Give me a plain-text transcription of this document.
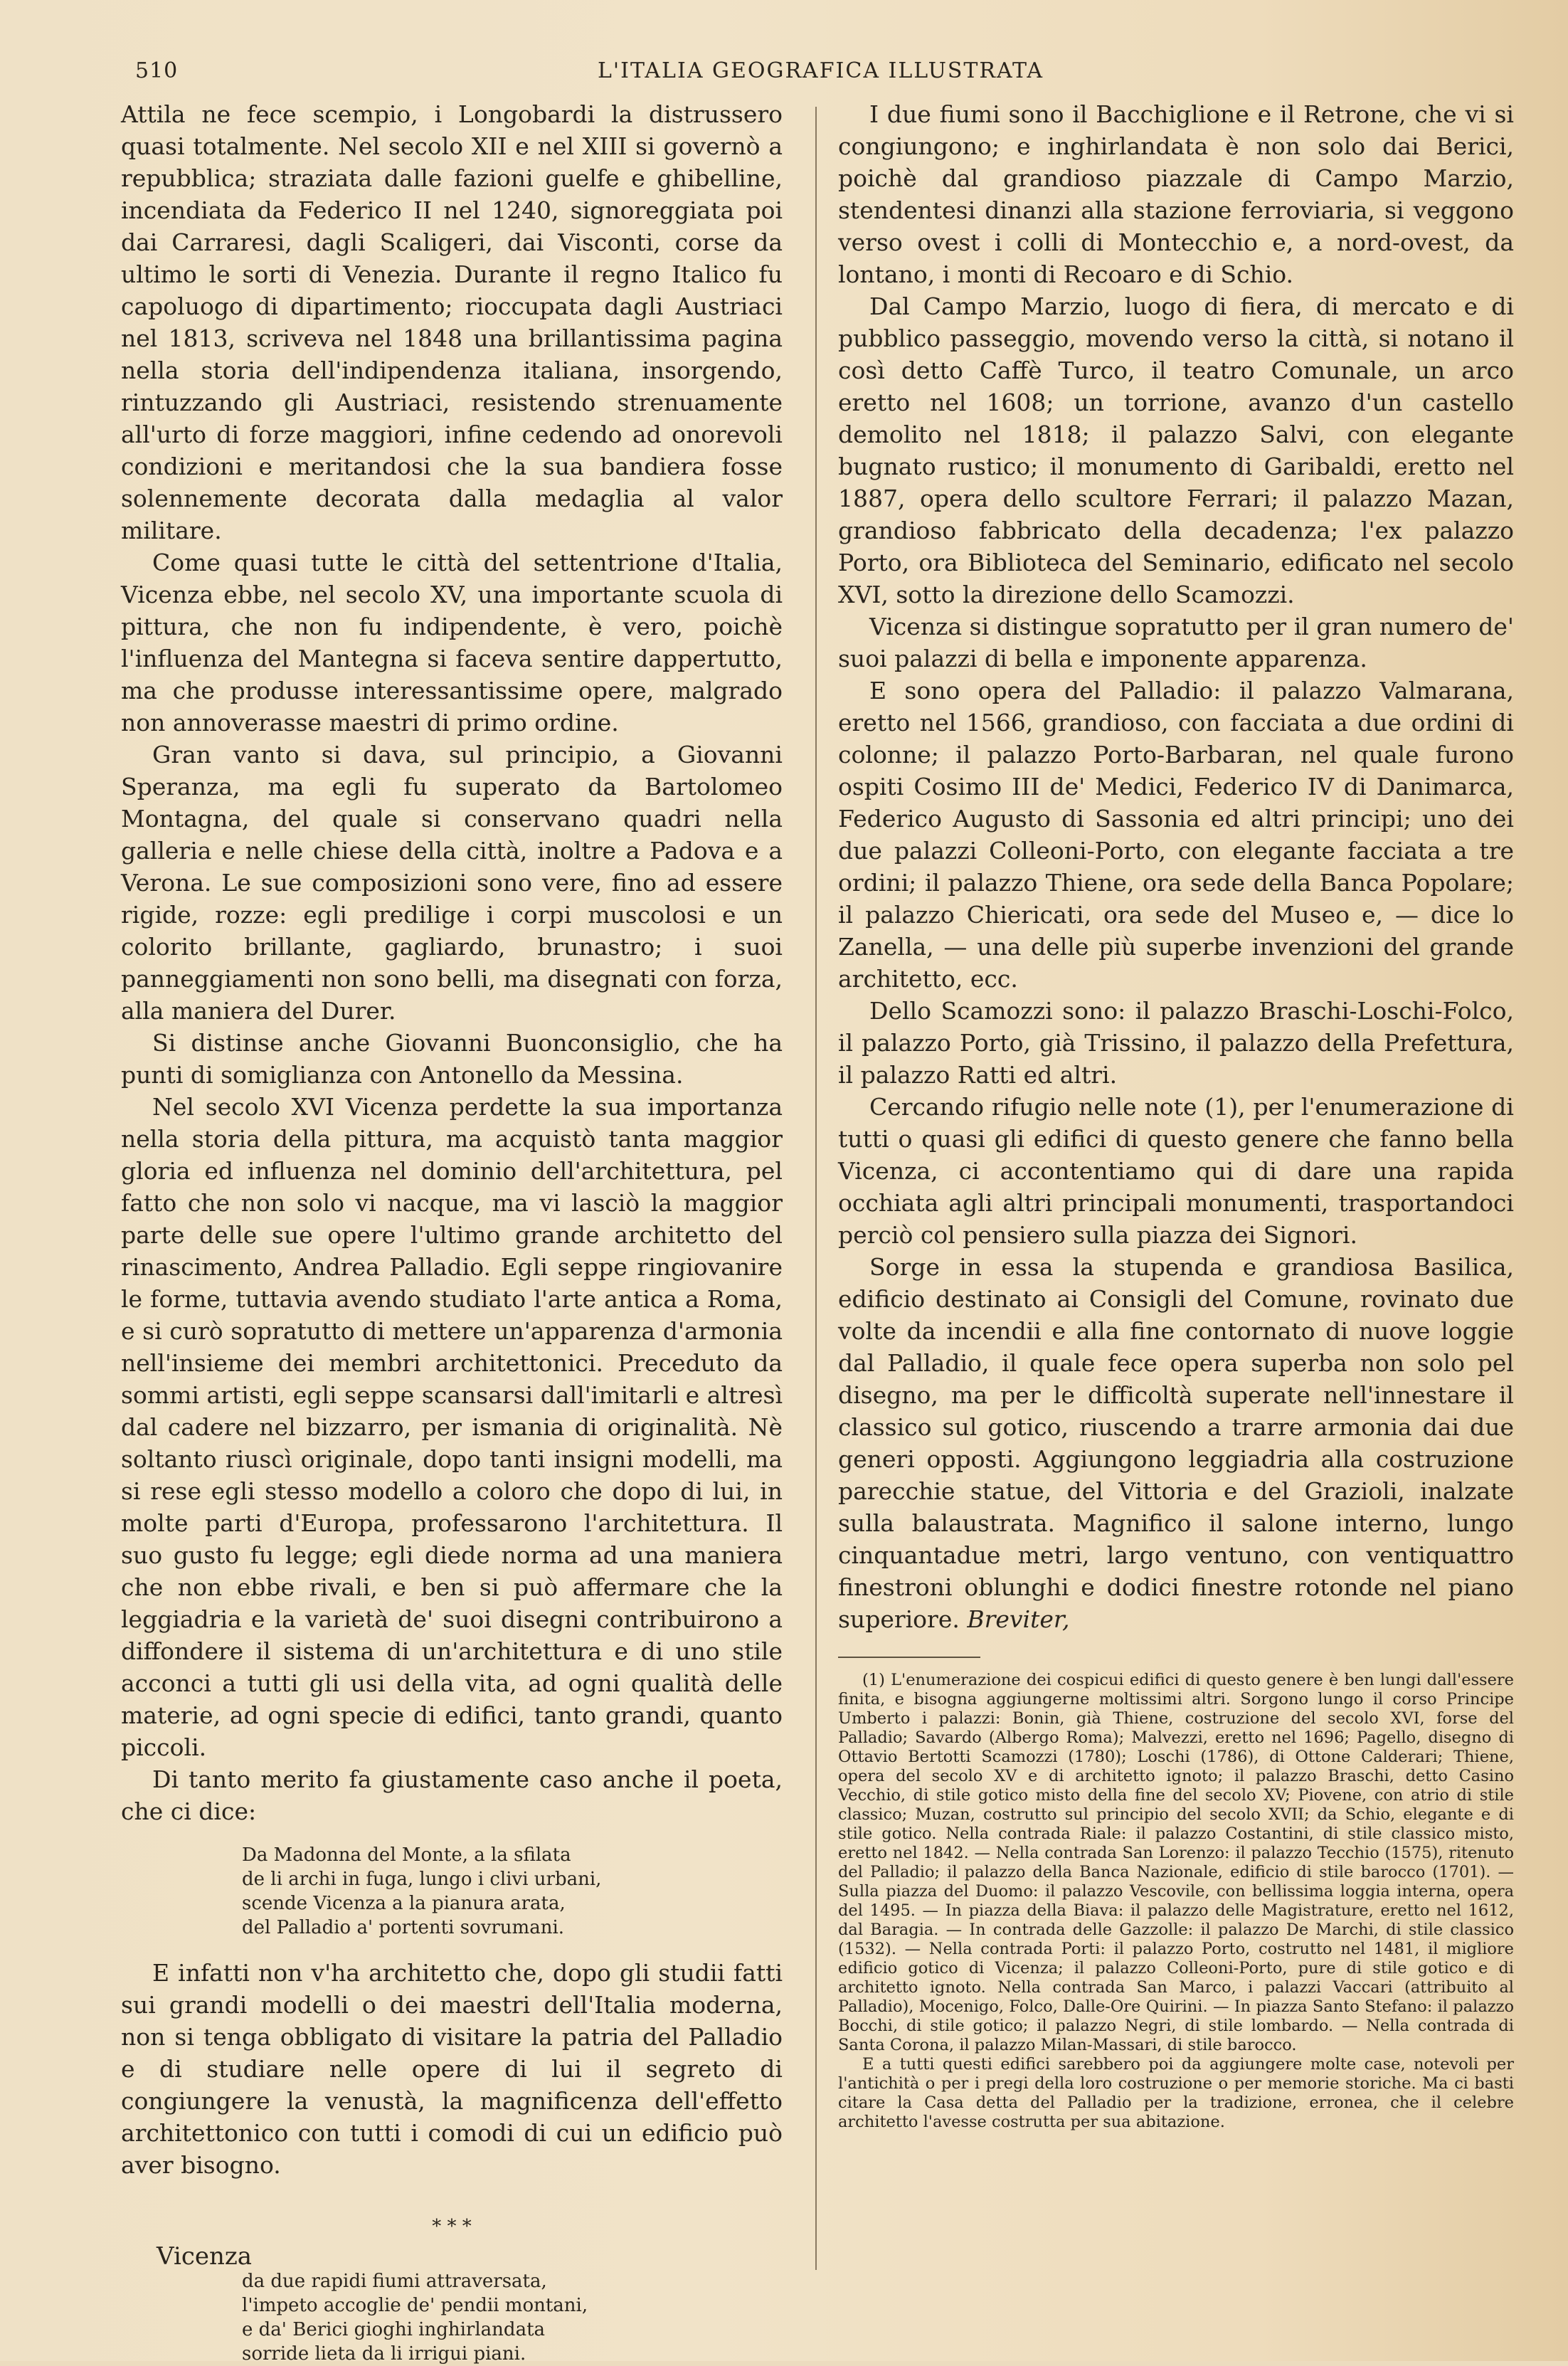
510	L'ITALIA GEOGRAFICA ILLUSTRATA

Attila ne fece scempio, i Longobardi la distrussero quasi totalmente. Nel secolo XII e nel XIII si governò a repubblica; straziata dalle fazioni guelfe e ghibelline, incendiata da Federico II nel 1240, signoreggiata poi dai Carraresi, dagli Scaligeri, dai Visconti, corse da ultimo le sorti di Venezia. Durante il regno Italico fu capoluogo di dipartimento; rioccupata dagli Austriaci nel 1813, scriveva nel 1848 una brillantissima pagina nella storia dell'indipendenza italiana, insorgendo, rintuzzando gli Austriaci, resistendo strenuamente all'urto di forze maggiori, infine cedendo ad onorevoli condizioni e meritandosi che la sua bandiera fosse solennemente decorata dalla medaglia al valor militare.

Come quasi tutte le città del settentrione d'Italia, Vicenza ebbe, nel secolo XV, una importante scuola di pittura, che non fu indipendente, è vero, poichè l'influenza del Mantegna si faceva sentire dappertutto, ma che produsse interessantissime opere, malgrado non annoverasse maestri di primo ordine.

Gran vanto si dava, sul principio, a Giovanni Speranza, ma egli fu superato da Bartolomeo Montagna, del quale si conservano quadri nella galleria e nelle chiese della città, inoltre a Padova e a Verona. Le sue composizioni sono vere, fino ad essere rigide, rozze: egli predilige i corpi muscolosi e un colorito brillante, gagliardo, brunastro; i suoi panneggiamenti non sono belli, ma disegnati con forza, alla maniera del Durer.

Si distinse anche Giovanni Buonconsiglio, che ha punti di somiglianza con Antonello da Messina.

Nel secolo XVI Vicenza perdette la sua importanza nella storia della pittura, ma acquistò tanta maggior gloria ed influenza nel dominio dell'architettura, pel fatto che non solo vi nacque, ma vi lasciò la maggior parte delle sue opere l'ultimo grande architetto del rinascimento, Andrea Palladio. Egli seppe ringiovanire le forme, tuttavia avendo studiato l'arte antica a Roma, e si curò sopratutto di mettere un'apparenza d'armonia nell'insieme dei membri architettonici. Preceduto da sommi artisti, egli seppe scansarsi dall'imitarli e altresì dal cadere nel bizzarro, per ismania di originalità. Nè soltanto riuscì originale, dopo tanti insigni modelli, ma si rese egli stesso modello a coloro che dopo di lui, in molte parti d'Europa, professarono l'architettura. Il suo gusto fu legge; egli diede norma ad una maniera che non ebbe rivali, e ben si può affermare che la leggiadria e la varietà de' suoi disegni contribuirono a diffondere il sistema di un'architettura e di uno stile acconci a tutti gli usi della vita, ad ogni qualità delle materie, ad ogni specie di edifici, tanto grandi, quanto piccoli.

Di tanto merito fa giustamente caso anche il poeta, che ci dice:

Da Madonna del Monte, a la sfilata
de li archi in fuga, lungo i clivi urbani,
scende Vicenza a la pianura arata,
del Palladio a' portenti sovrumani.

E infatti non v'ha architetto che, dopo gli studii fatti sui grandi modelli o dei maestri dell'Italia moderna, non si tenga obbligato di visitare la patria del Palladio e di studiare nelle opere di lui il segreto di congiungere la venustà, la magnificenza dell'effetto architettonico con tutti i comodi di cui un edificio può aver bisogno.

* * *
Vicenza
da due rapidi fiumi attraversata,
l'impeto accoglie de' pendii montani,
e da' Berici gioghi inghirlandata
sorride lieta da li irrigui piani.

I due fiumi sono il Bacchiglione e il Retrone, che vi si congiungono; e inghirlandata è non solo dai Berici, poichè dal grandioso piazzale di Campo Marzio, stendentesi dinanzi alla stazione ferroviaria, si veggono verso ovest i colli di Montecchio e, a nord-ovest, da lontano, i monti di Recoaro e di Schio.

Dal Campo Marzio, luogo di fiera, di mercato e di pubblico passeggio, movendo verso la città, si notano il così detto Caffè Turco, il teatro Comunale, un arco eretto nel 1608; un torrione, avanzo d'un castello demolito nel 1818; il palazzo Salvi, con elegante bugnato rustico; il monumento di Garibaldi, eretto nel 1887, opera dello scultore Ferrari; il palazzo Mazan, grandioso fabbricato della decadenza; l'ex palazzo Porto, ora Biblioteca del Seminario, edificato nel secolo XVI, sotto la direzione dello Scamozzi.

Vicenza si distingue sopratutto per il gran numero de' suoi palazzi di bella e imponente apparenza.

E sono opera del Palladio: il palazzo Valmarana, eretto nel 1566, grandioso, con facciata a due ordini di colonne; il palazzo Porto-Barbaran, nel quale furono ospiti Cosimo III de' Medici, Federico IV di Danimarca, Federico Augusto di Sassonia ed altri principi; uno dei due palazzi Colleoni-Porto, con elegante facciata a tre ordini; il palazzo Thiene, ora sede della Banca Popolare; il palazzo Chiericati, ora sede del Museo e, — dice lo Zanella, — una delle più superbe invenzioni del grande architetto, ecc.

Dello Scamozzi sono: il palazzo Braschi-Loschi-Folco, il palazzo Porto, già Trissino, il palazzo della Prefettura, il palazzo Ratti ed altri.

Cercando rifugio nelle note (1), per l'enumerazione di tutti o quasi gli edifici di questo genere che fanno bella Vicenza, ci accontentiamo qui di dare una rapida occhiata agli altri principali monumenti, trasportandoci perciò col pensiero sulla piazza dei Signori.

Sorge in essa la stupenda e grandiosa Basilica, edificio destinato ai Consigli del Comune, rovinato due volte da incendii e alla fine contornato di nuove loggie dal Palladio, il quale fece opera superba non solo pel disegno, ma per le difficoltà superate nell'innestare il classico sul gotico, riuscendo a trarre armonia dai due generi opposti. Aggiungono leggiadria alla costruzione parecchie statue, del Vittoria e del Grazioli, inalzate sulla balaustrata. Magnifico il salone interno, lungo cinquantadue metri, largo ventuno, con ventiquattro finestroni oblunghi e dodici finestre rotonde nel piano superiore. Breviter,

(1) L'enumerazione dei cospicui edifici di questo genere è ben lungi dall'essere finita, e bisogna aggiungerne moltissimi altri. Sorgono lungo il corso Principe Umberto i palazzi: Bonin, già Thiene, costruzione del secolo XVI, forse del Palladio; Savardo (Albergo Roma); Malvezzi, eretto nel 1696; Pagello, disegno di Ottavio Bertotti Scamozzi (1780); Loschi (1786), di Ottone Calderari; Thiene, opera del secolo XV e di architetto ignoto; il palazzo Braschi, detto Casino Vecchio, di stile gotico misto della fine del secolo XV; Piovene, con atrio di stile classico; Muzan, costrutto sul principio del secolo XVII; da Schio, elegante e di stile gotico. Nella contrada Riale: il palazzo Costantini, di stile classico misto, eretto nel 1842. — Nella contrada San Lorenzo: il palazzo Tecchio (1575), ritenuto del Palladio; il palazzo della Banca Nazionale, edificio di stile barocco (1701). — Sulla piazza del Duomo: il palazzo Vescovile, con bellissima loggia interna, opera del 1495. — In piazza della Biava: il palazzo delle Magistrature, eretto nel 1612, dal Baragia. — In contrada delle Gazzolle: il palazzo De Marchi, di stile classico (1532). — Nella contrada Porti: il palazzo Porto, costrutto nel 1481, il migliore edificio gotico di Vicenza; il palazzo Colleoni-Porto, pure di stile gotico e di architetto ignoto. Nella contrada San Marco, i palazzi Vaccari (attribuito al Palladio), Mocenigo, Folco, Dalle-Ore Quirini. — In piazza Santo Stefano: il palazzo Bocchi, di stile gotico; il palazzo Negri, di stile lombardo. — Nella contrada di Santa Corona, il palazzo Milan-Massari, di stile barocco.

E a tutti questi edifici sarebbero poi da aggiungere molte case, notevoli per l'antichità o per i pregi della loro costruzione o per memorie storiche. Ma ci basti citare la Casa detta del Palladio per la tradizione, erronea, che il celebre architetto l'avesse costrutta per sua abitazione.
